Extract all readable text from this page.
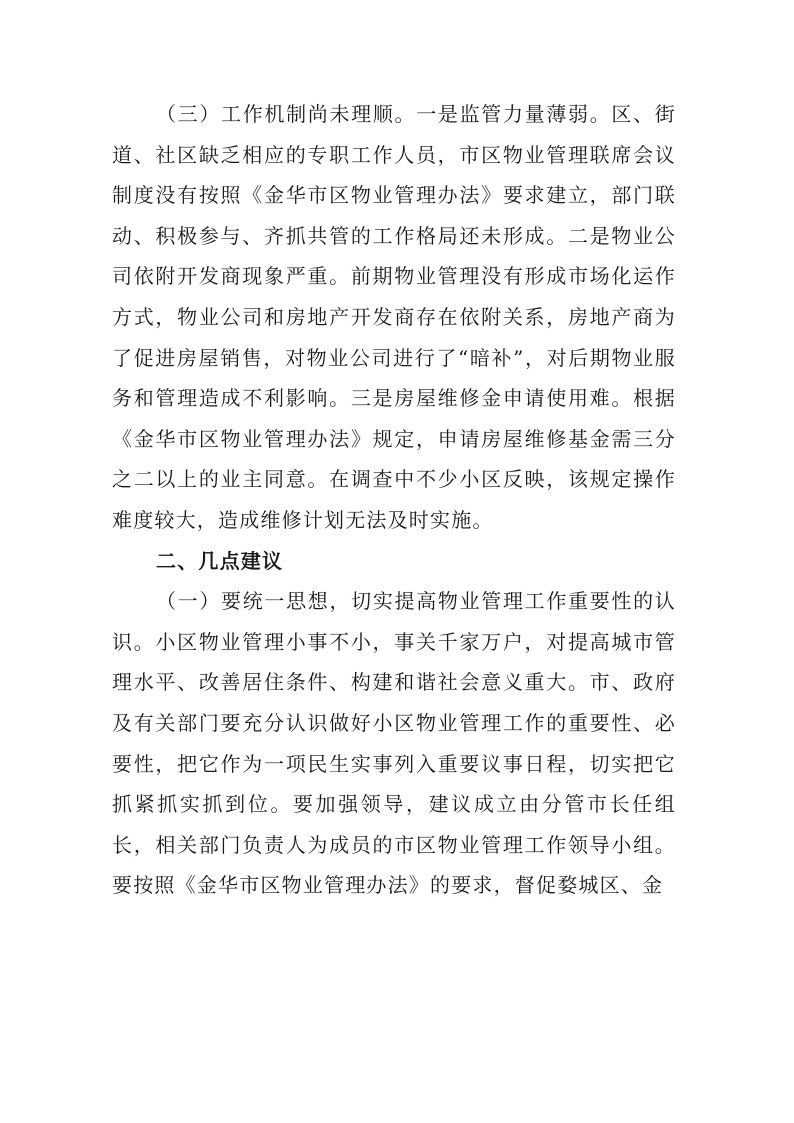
（三）工作机制尚未理顺。一是监管力量薄弱。区、街道、社区缺乏相应的专职工作人员，市区物业管理联席会议制度没有按照《金华市区物业管理办法》要求建立，部门联动、积极参与、齐抓共管的工作格局还未形成。二是物业公司依附开发商现象严重。前期物业管理没有形成市场化运作方式，物业公司和房地产开发商存在依附关系，房地产商为了促进房屋销售，对物业公司进行了“暗补”，对后期物业服务和管理造成不利影响。三是房屋维修金申请使用难。根据《金华市区物业管理办法》规定，申请房屋维修基金需三分之二以上的业主同意。在调查中不少小区反映，该规定操作难度较大，造成维修计划无法及时实施。

二、几点建议

（一）要统一思想，切实提高物业管理工作重要性的认识。小区物业管理小事不小，事关千家万户，对提高城市管理水平、改善居住条件、构建和谐社会意义重大。市、政府及有关部门要充分认识做好小区物业管理工作的重要性、必要性，把它作为一项民生实事列入重要议事日程，切实把它抓紧抓实抓到位。要加强领导，建议成立由分管市长任组长，相关部门负责人为成员的市区物业管理工作领导小组。要按照《金华市区物业管理办法》的要求，督促婺城区、金
